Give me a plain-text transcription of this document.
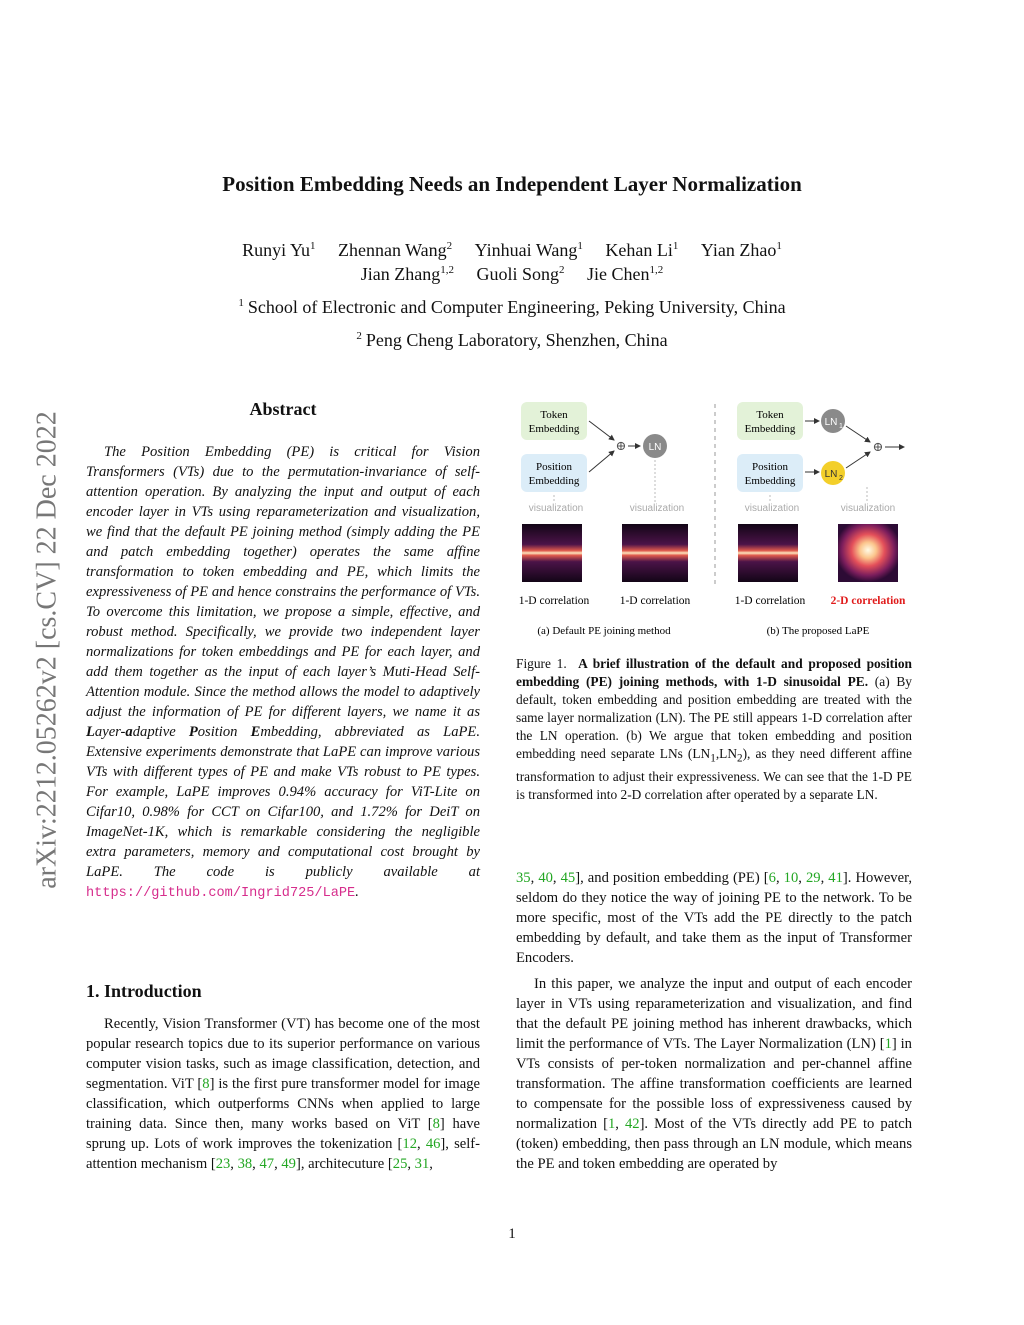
arXiv:2212.05262v2 [cs.CV] 22 Dec 2022
Position Embedding Needs an Independent Layer Normalization
Runyi Yu$^1$ Zhennan Wang$^2$ Yinhuai Wang$^1$ Kehan Li$^1$ Yian Zhao$^1$
Jian Zhang$^{1,2}$ Guoli Song$^2$ Jie Chen$^{1,2}$
$^1$ School of Electronic and Computer Engineering, Peking University, China
$^2$ Peng Cheng Laboratory, Shenzhen, China
Abstract
The Position Embedding (PE) is critical for Vision Transformers (VTs) due to the permutation-invariance of self-attention operation. By analyzing the input and output of each encoder layer in VTs using reparameterization and visualization, we find that the default PE joining method (simply adding the PE and patch embedding together) operates the same affine transformation to token embedding and PE, which limits the expressiveness of PE and hence constrains the performance of VTs. To overcome this limitation, we propose a simple, effective, and robust method. Specifically, we provide two independent layer normalizations for token embeddings and PE for each layer, and add them together as the input of each layer’s Muti-Head Self-Attention module. Since the method allows the model to adaptively adjust the information of PE for different layers, we name it as Layer-adaptive Position Embedding, abbreviated as LaPE. Extensive experiments demonstrate that LaPE can improve various VTs with different types of PE and make VTs robust to PE types. For example, LaPE improves 0.94% accuracy for ViT-Lite on Cifar10, 0.98% for CCT on Cifar100, and 1.72% for DeiT on ImageNet-1K, which is remarkable considering the negligible extra parameters, memory and computational cost brought by LaPE. The code is publicly available at https://github.com/Ingrid725/LaPE.
1. Introduction
Recently, Vision Transformer (VT) has become one of the most popular research topics due to its superior performance on various computer vision tasks, such as image classification, detection, and segmentation. ViT [8] is the first pure transformer model for image classification, which outperforms CNNs when applied to large training data. Since then, many works based on ViT [8] have sprung up. Lots of work improves the tokenization [12, 46], self-attention mechanism [23, 38, 47, 49], architecuture [25, 31,
Token
Embedding
Position
Embedding
⊕ LN
visualization	visualization
1-D correlation	1-D correlation
(a) Default PE joining method
Token
Embedding
Position
Embedding
LN 1
LN 2
⊕
visualization	visualization
1-D correlation 2-D correlation
(b) The proposed LaPE
Figure 1. A brief illustration of the default and proposed position embedding (PE) joining methods, with 1-D sinusoidal PE. (a) By default, token embedding and position embedding are treated with the same layer normalization (LN). The PE still appears 1-D correlation after the LN operation. (b) We argue that token embedding and position embedding need separate LNs $(LN_1,LN_2)$, as they need different affine transformation to adjust their expressiveness. We can see that the 1-D PE is transformed into 2-D correlation after operated by a separate LN.
35, 40, 45], and position embedding (PE) [6, 10, 29, 41]. However, seldom do they notice the way of joining PE to the network. To be more specific, most of the VTs add the PE directly to the patch embedding by default, and take them as the input of Transformer Encoders.
In this paper, we analyze the input and output of each encoder layer in VTs using reparameterization and visualization, and find that the default PE joining method has inherent drawbacks, which limit the performance of VTs. The Layer Normalization (LN) [1] in VTs consists of per-token normalization and per-channel affine transformation. The affine transformation coefficients are learned to compensate for the possible loss of expressiveness caused by normalization [1, 42]. Most of the VTs directly add PE to patch (token) embedding, then pass through an LN module, which means the PE and token embedding are operated by
1
